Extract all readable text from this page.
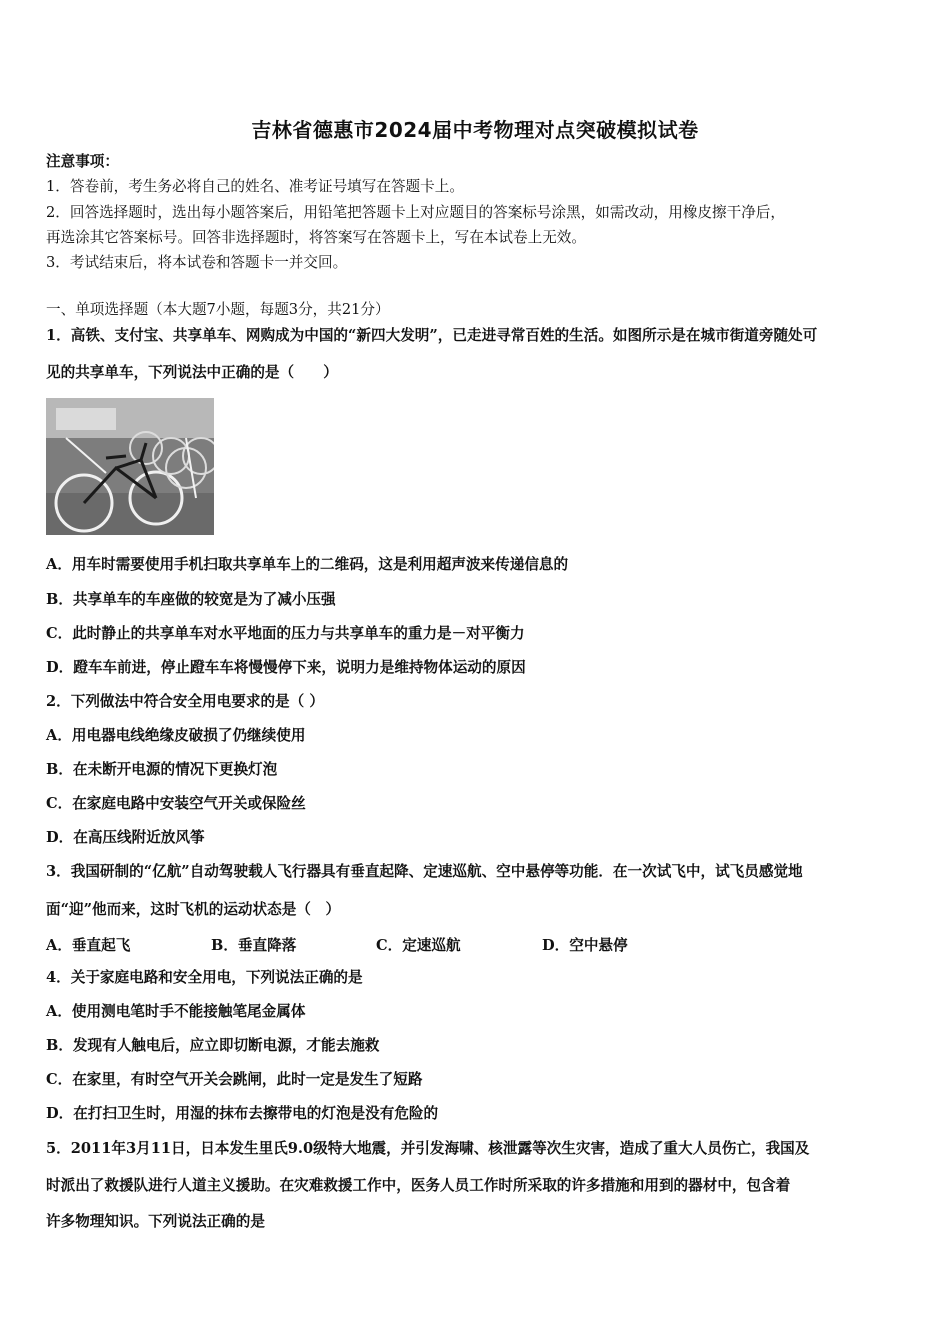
吉林省德惠市2024届中考物理对点突破模拟试卷
注意事项：
1．答卷前，考生务必将自己的姓名、准考证号填写在答题卡上。
2．回答选择题时，选出每小题答案后，用铅笔把答题卡上对应题目的答案标号涂黑，如需改动，用橡皮擦干净后，
再选涂其它答案标号。回答非选择题时，将答案写在答题卡上，写在本试卷上无效。
3．考试结束后，将本试卷和答题卡一并交回。
一、单项选择题（本大题7小题，每题3分，共21分）
1．高铁、支付宝、共享单车、网购成为中国的“新四大发明”，已走进寻常百姓的生活。如图所示是在城市街道旁随处可
见的共享单车，下列说法中正确的是（　　）
A．用车时需要使用手机扫取共享单车上的二维码，这是利用超声波来传递信息的
B．共享单车的车座做的较宽是为了减小压强
C．此时静止的共享单车对水平地面的压力与共享单车的重力是－对平衡力
D．蹬车车前进，停止蹬车车将慢慢停下来，说明力是维持物体运动的原因
2．下列做法中符合安全用电要求的是（ ）
A．用电器电线绝缘皮破损了仍继续使用
B．在未断开电源的情况下更换灯泡
C．在家庭电路中安装空气开关或保险丝
D．在高压线附近放风筝
3．我国研制的“亿航”自动驾驶载人飞行器具有垂直起降、定速巡航、空中悬停等功能．在一次试飞中，试飞员感觉地
面“迎”他而来，这时飞机的运动状态是（　）
A．垂直起飞	B．垂直降落	C．定速巡航	D．空中悬停
4．关于家庭电路和安全用电，下列说法正确的是
A．使用测电笔时手不能接触笔尾金属体
B．发现有人触电后，应立即切断电源，才能去施救
C．在家里，有时空气开关会跳闸，此时一定是发生了短路
D．在打扫卫生时，用湿的抹布去擦带电的灯泡是没有危险的
5．2011年3月11日，日本发生里氏9.0级特大地震，并引发海啸、核泄露等次生灾害，造成了重大人员伤亡，我国及
时派出了救援队进行人道主义援助。在灾难救援工作中，医务人员工作时所采取的许多措施和用到的器材中，包含着
许多物理知识。下列说法正确的是
